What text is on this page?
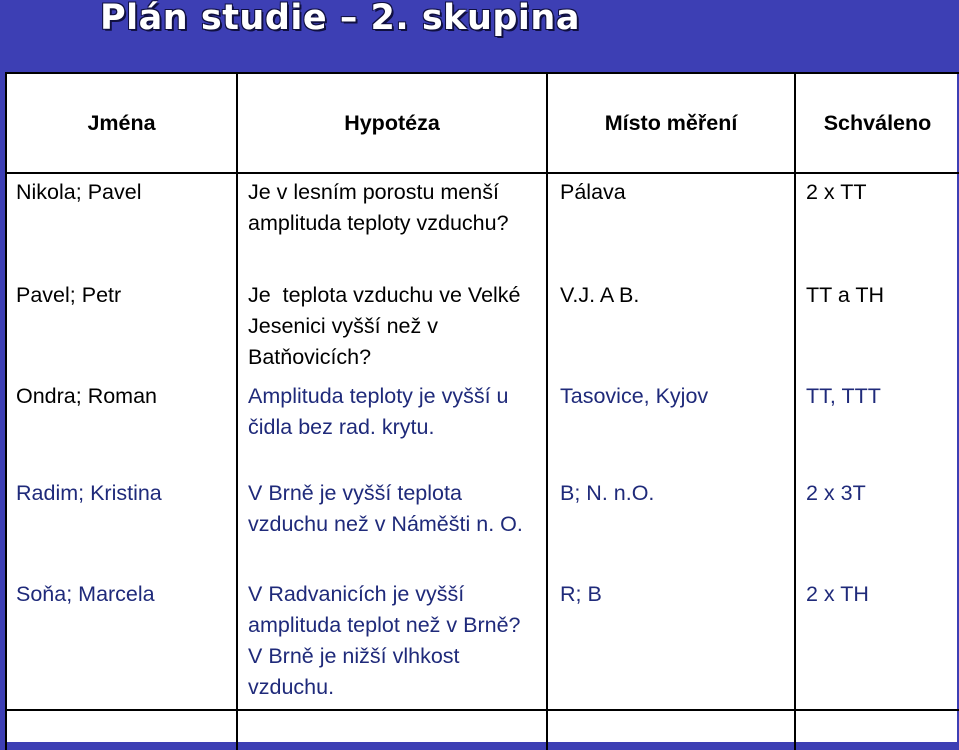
Plán studie – 2. skupina
Jména	Hypotéza	Místo měření	Schváleno

Nikola; Pavel	Je v lesním porostu menší amplituda teploty vzduchu?	Pálava	2 x TT

Pavel; Petr	Je  teplota vzduchu ve Velké Jesenici vyšší než v Batňovicích?	V.J. A B.	TT a TH

Ondra; Roman	Amplituda teploty je vyšší u čidla bez rad. krytu.	Tasovice, Kyjov	TT, TTT

Radim; Kristina	V Brně je vyšší teplota vzduchu než v Náměšti n. O.	B; N. n.O.	2 x 3T

Soňa; Marcela	V Radvanicích je vyšší amplituda teplot než v Brně? V Brně je nižší vlhkost vzduchu.	R; B	2 x TH
